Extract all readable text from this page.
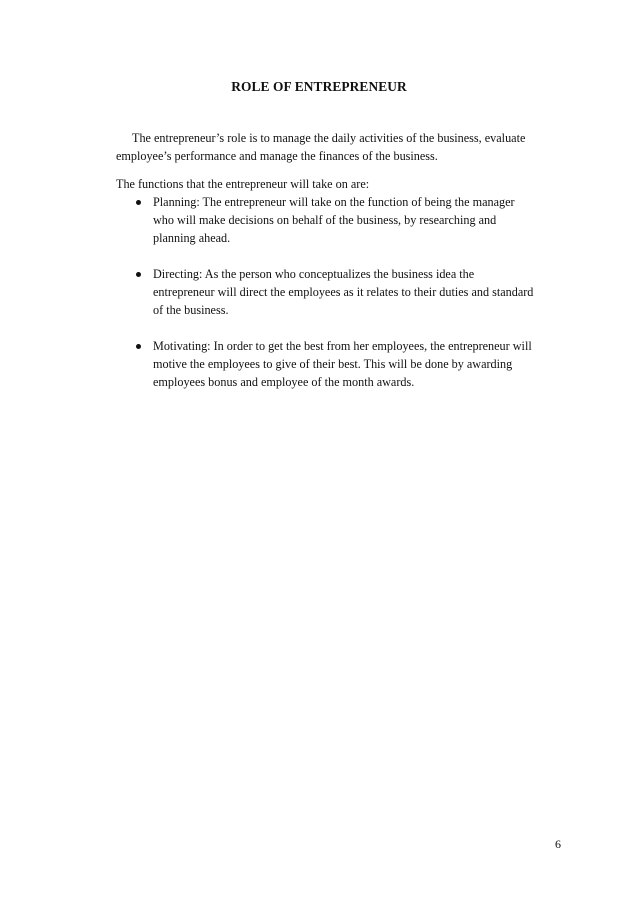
ROLE OF ENTREPRENEUR
The entrepreneur’s role is to manage the daily activities of the business, evaluate
employee’s performance and manage the finances of the business.
The functions that the entrepreneur will take on are:
Planning: The entrepreneur will take on the function of being the manager
who will make decisions on behalf of the business, by researching and
planning ahead.
Directing: As the person who conceptualizes the business idea the
entrepreneur will direct the employees as it relates to their duties and standard
of the business.
Motivating: In order to get the best from her employees, the entrepreneur will
motive the employees to give of their best. This will be done by awarding
employees bonus and employee of the month awards.
6
